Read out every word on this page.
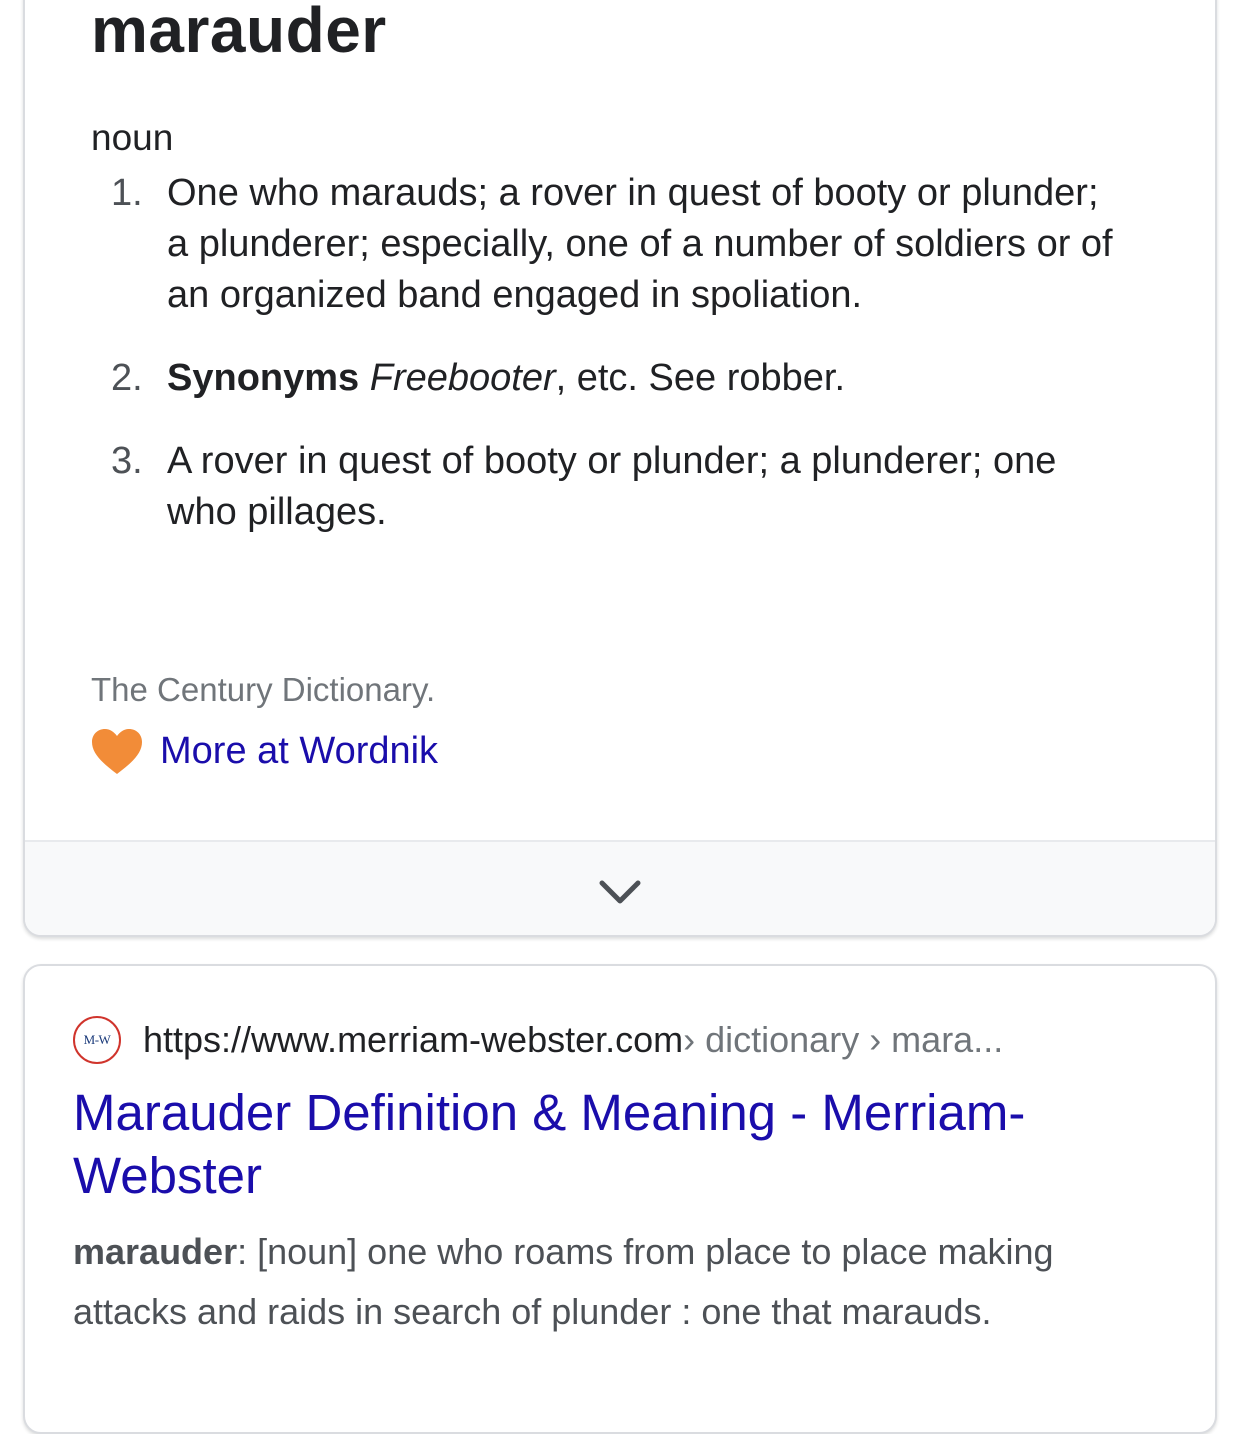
marauder
noun
1. One who marauds; a rover in quest of booty or plunder; a plunderer; especially, one of a number of soldiers or of an organized band engaged in spoliation.
2. Synonyms Freebooter, etc. See robber.
3. A rover in quest of booty or plunder; a plunderer; one who pillages.
The Century Dictionary.
More at Wordnik
M-W https://www.merriam-webster.com › dictionary › mara...
Marauder Definition & Meaning - Merriam-Webster
marauder: [noun] one who roams from place to place making attacks and raids in search of plunder : one that marauds.
